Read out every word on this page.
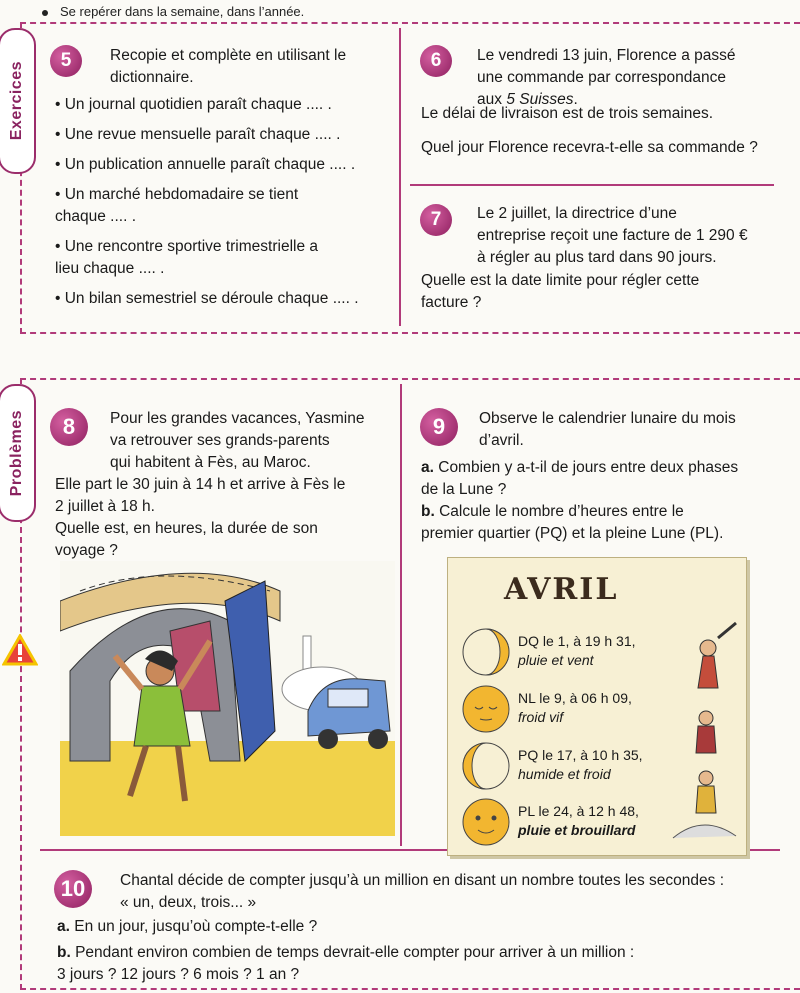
Se repérer dans la semaine, dans l’année.
Exercices
5	Recopie et complète en utilisant le

dictionnaire.

• Un journal quotidien paraît chaque .... .
• Une revue mensuelle paraît chaque .... .
• Un publication annuelle paraît chaque .... .
• Un marché hebdomadaire se tient
chaque .... .
• Une rencontre sportive trimestrielle a
lieu chaque .... .
• Un bilan semestriel se déroule chaque .... .
6	Le vendredi 13 juin, Florence a passé

une commande par correspondance

aux 5 Suisses.

Le délai de livraison est de trois semaines.
Quel jour Florence recevra-t-elle sa commande ?
7	Le 2 juillet, la directrice d’une

entreprise reçoit une facture de 1 290 €

à régler au plus tard dans 90 jours.

Quelle est la date limite pour régler cette

facture ?

Problèmes	8	Pour les grandes vacances, Yasmine

va retrouver ses grands-parents

qui habitent à Fès, au Maroc.

Elle part le 30 juin à 14 h et arrive à Fès le

2 juillet à 18 h.

Quelle est, en heures, la durée de son

voyage ?

9	Observe le calendrier lunaire du mois

d’avril.

a. Combien y a-t-il de jours entre deux phases

de la Lune ?

b. Calcule le nombre d’heures entre le

premier quartier (PQ) et la pleine Lune (PL).

AVRIL
DQ le 1, à 19 h 31,
pluie et vent
NL le 9, à 06 h 09,
froid vif
PQ le 17, à 10 h 35,
humide et froid
PL le 24, à 12 h 48,
pluie et brouillard
10	Chantal décide de compter jusqu’à un million en disant un nombre toutes les secondes :

« un, deux, trois... »

a. En un jour, jusqu’où compte-t-elle ?

b. Pendant environ combien de temps devrait-elle compter pour arriver à un million :

3 jours ? 12 jours ? 6 mois ? 1 an ?
